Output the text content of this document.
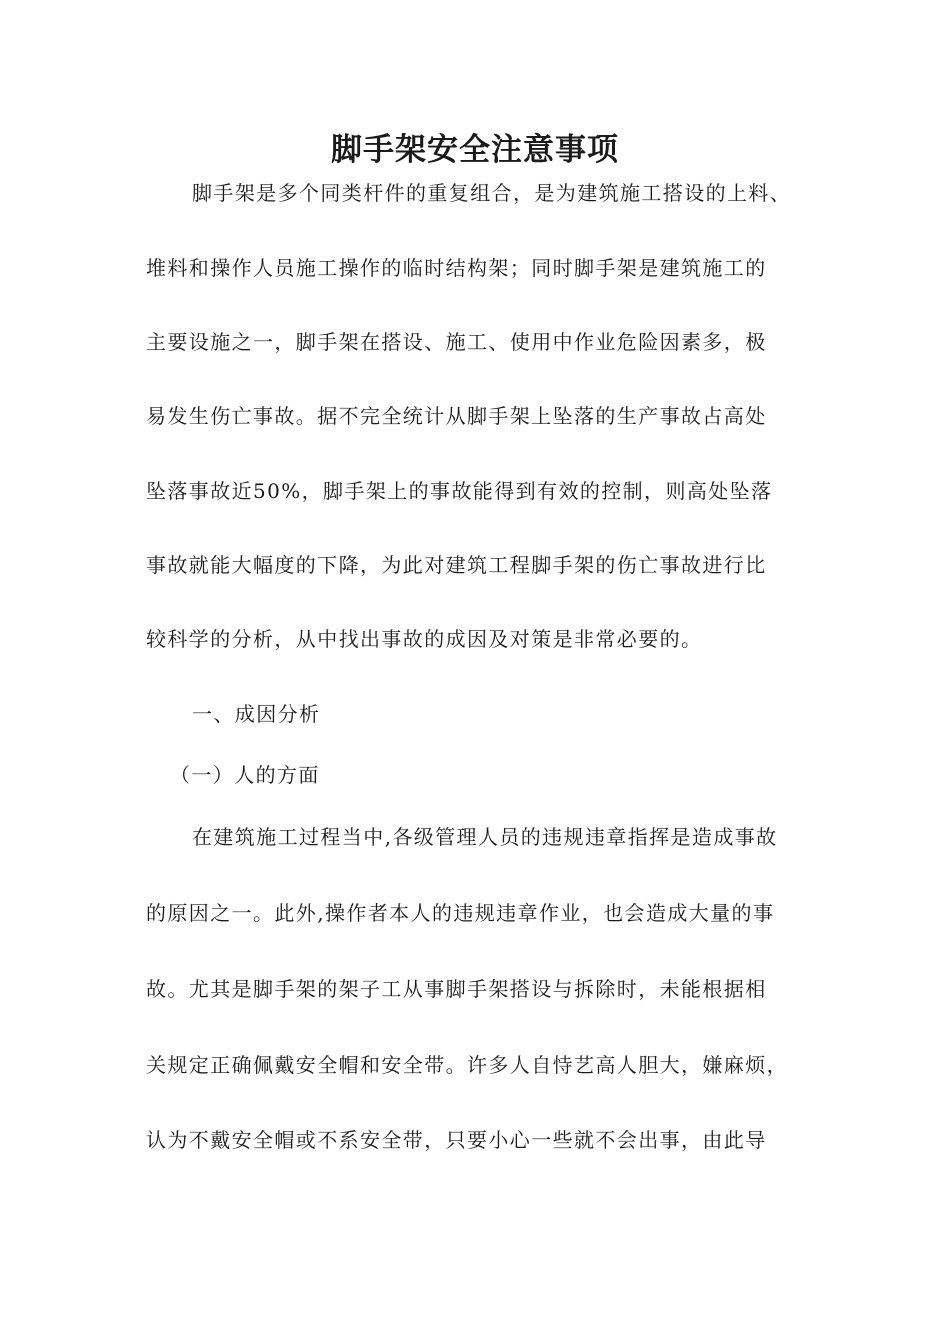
脚手架安全注意事项
脚手架是多个同类杆件的重复组合，是为建筑施工搭设的上料、
堆料和操作人员施工操作的临时结构架；同时脚手架是建筑施工的
主要设施之一，脚手架在搭设、施工、使用中作业危险因素多，极
易发生伤亡事故。据不完全统计从脚手架上坠落的生产事故占高处
坠落事故近50%，脚手架上的事故能得到有效的控制，则高处坠落
事故就能大幅度的下降，为此对建筑工程脚手架的伤亡事故进行比
较科学的分析，从中找出事故的成因及对策是非常必要的。
一、成因分析
（一）人的方面
在建筑施工过程当中,各级管理人员的违规违章指挥是造成事故
的原因之一。此外,操作者本人的违规违章作业，也会造成大量的事
故。尤其是脚手架的架子工从事脚手架搭设与拆除时，未能根据相
关规定正确佩戴安全帽和安全带。许多人自恃艺高人胆大，嫌麻烦，
认为不戴安全帽或不系安全带，只要小心一些就不会出事，由此导
